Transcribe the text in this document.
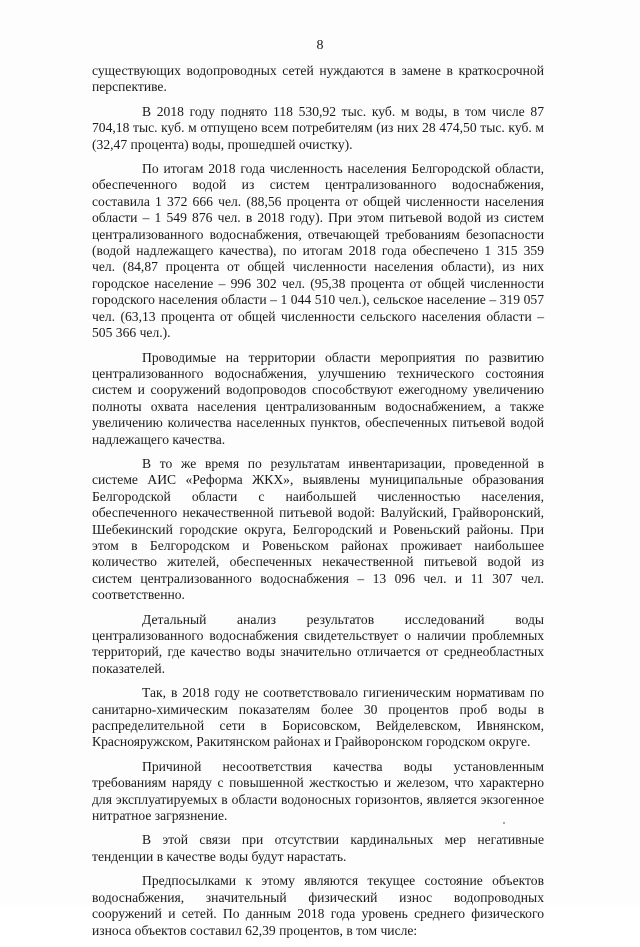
8

существующих водопроводных сетей нуждаются в замене в краткосрочной перспективе.

В 2018 году поднято 118 530,92 тыс. куб. м воды, в том числе 87 704,18 тыс. куб. м отпущено всем потребителям (из них 28 474,50 тыс. куб. м (32,47 процента) воды, прошедшей очистку).

По итогам 2018 года численность населения Белгородской области, обеспеченного водой из систем централизованного водоснабжения, составила 1 372 666 чел. (88,56 процента от общей численности населения области – 1 549 876 чел. в 2018 году). При этом питьевой водой из систем централизованного водоснабжения, отвечающей требованиям безопасности (водой надлежащего качества), по итогам 2018 года обеспечено 1 315 359 чел. (84,87 процента от общей численности населения области), из них городское население – 996 302 чел. (95,38 процента от общей численности городского населения области – 1 044 510 чел.), сельское население – 319 057 чел. (63,13 процента от общей численности сельского населения области – 505 366 чел.).

Проводимые на территории области мероприятия по развитию централизованного водоснабжения, улучшению технического состояния систем и сооружений водопроводов способствуют ежегодному увеличению полноты охвата населения централизованным водоснабжением, а также увеличению количества населенных пунктов, обеспеченных питьевой водой надлежащего качества.

В то же время по результатам инвентаризации, проведенной в системе АИС «Реформа ЖКХ», выявлены муниципальные образования Белгородской области с наибольшей численностью населения, обеспеченного некачественной питьевой водой: Валуйский, Грайворонский, Шебекинский городские округа, Белгородский и Ровеньский районы. При этом в Белгородском и Ровеньском районах проживает наибольшее количество жителей, обеспеченных некачественной питьевой водой из систем централизованного водоснабжения – 13 096 чел. и 11 307 чел. соответственно.

Детальный анализ результатов исследований воды централизованного водоснабжения свидетельствует о наличии проблемных территорий, где качество воды значительно отличается от среднеобластных показателей.

Так, в 2018 году не соответствовало гигиеническим нормативам по санитарно-химическим показателям более 30 процентов проб воды в распределительной сети в Борисовском, Вейделевском, Ивнянском, Краснояружском, Ракитянском районах и Грайворонском городском округе.

Причиной несоответствия качества воды установленным требованиям наряду с повышенной жесткостью и железом, что характерно для эксплуатируемых в области водоносных горизонтов, является экзогенное нитратное загрязнение.

В этой связи при отсутствии кардинальных мер негативные тенденции в качестве воды будут нарастать.

Предпосылками к этому являются текущее состояние объектов водоснабжения, значительный физический износ водопроводных сооружений и сетей. По данным 2018 года уровень среднего физического износа объектов составил 62,39 процентов, в том числе:
